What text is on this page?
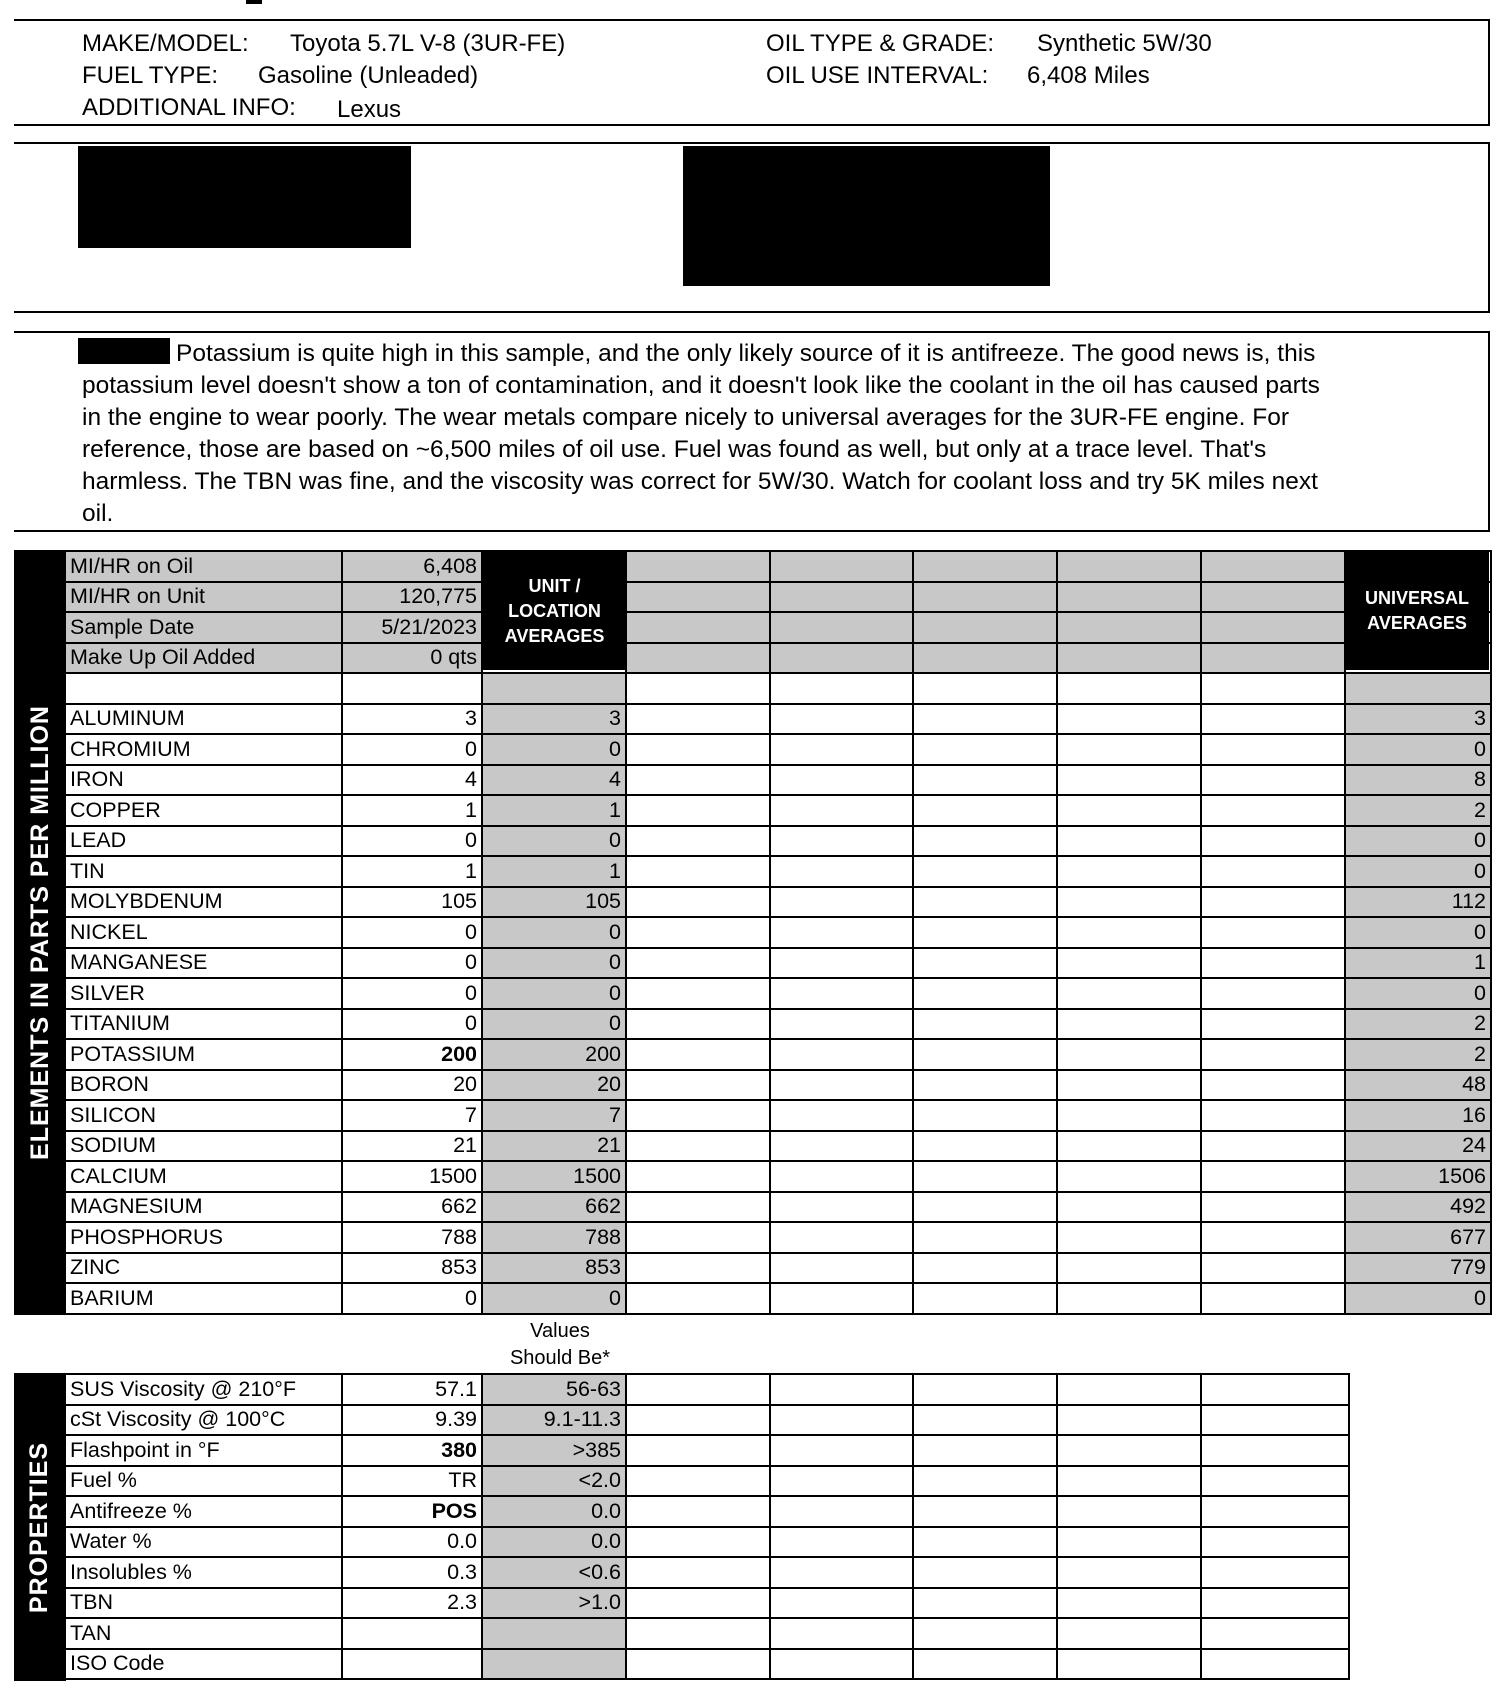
MAKE/MODEL: Toyota 5.7L V-8 (3UR-FE)
FUEL TYPE: Gasoline (Unleaded)
ADDITIONAL INFO: Lexus
OIL TYPE & GRADE: Synthetic 5W/30
OIL USE INTERVAL: 6,408 Miles
Potassium is quite high in this sample, and the only likely source of it is antifreeze. The good news is, this potassium level doesn't show a ton of contamination, and it doesn't look like the coolant in the oil has caused parts in the engine to wear poorly. The wear metals compare nicely to universal averages for the 3UR-FE engine. For reference, those are based on ~6,500 miles of oil use. Fuel was found as well, but only at a trace level. That's harmless. The TBN was fine, and the viscosity was correct for 5W/30. Watch for coolant loss and try 5K miles next oil.
ELEMENTS IN PARTS PER MILLION
MI/HR on Oil	6,408							
MI/HR on Unit	120,775							
Sample Date	5/21/2023							
Make Up Oil Added	0 qts							

ALUMINUM	3	3						3
CHROMIUM	0	0						0
IRON	4	4						8
COPPER	1	1						2
LEAD	0	0						0
TIN	1	1						0
MOLYBDENUM	105	105						112
NICKEL	0	0						0
MANGANESE	0	0						1
SILVER	0	0						0
TITANIUM	0	0						2
POTASSIUM	200	200						2
BORON	20	20						48
SILICON	7	7						16
SODIUM	21	21						24
CALCIUM	1500	1500						1506
MAGNESIUM	662	662						492
PHOSPHORUS	788	788						677
ZINC	853	853						779
BARIUM	0	0						0
UNIT / LOCATION AVERAGES
UNIVERSAL AVERAGES
Values
Should Be*
PROPERTIES
SUS Viscosity @ 210°F	57.1	56-63					
cSt Viscosity @ 100°C	9.39	9.1-11.3					
Flashpoint in °F	380	>385					
Fuel %	TR	<2.0					
Antifreeze %	POS	0.0					
Water %	0.0	0.0					
Insolubles %	0.3	<0.6					
TBN	2.3	>1.0					
TAN							
ISO Code							
